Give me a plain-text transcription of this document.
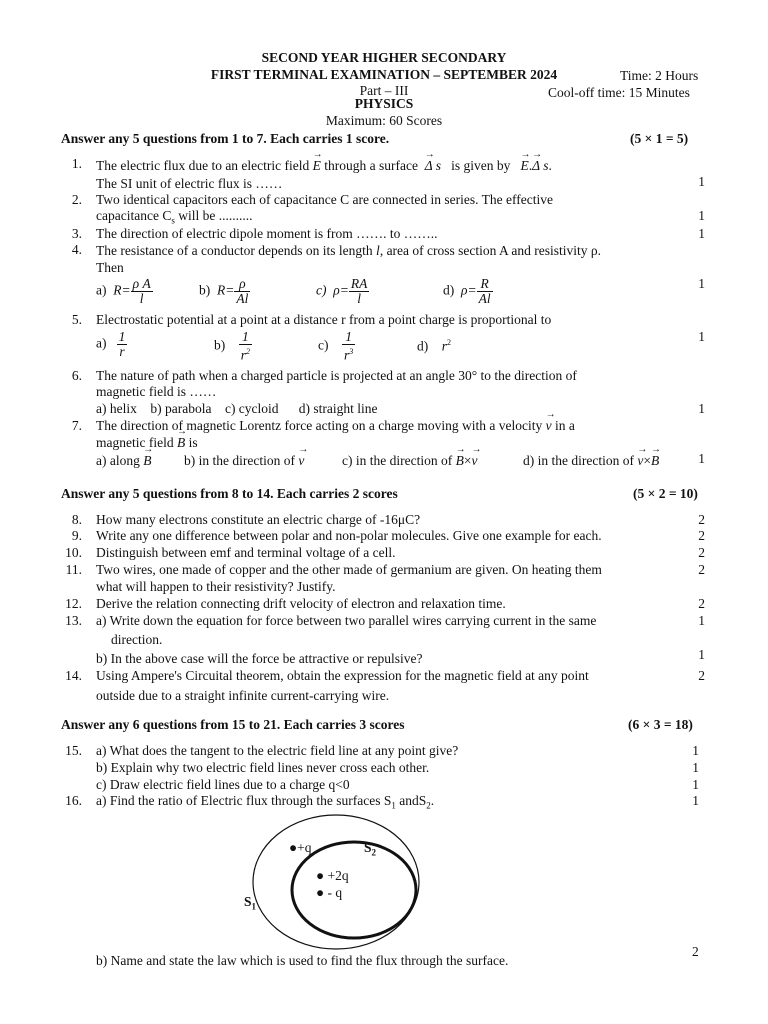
SECOND YEAR HIGHER SECONDARY
FIRST TERMINAL EXAMINATION – SEPTEMBER 2024
Part – III
PHYSICS
Maximum: 60 Scores
Time: 2 Hours
Cool-off time: 15 Minutes
Answer any 5 questions from 1 to 7. Each carries 1 score.	(5 × 1 = 5)
1. The electric flux due to an electric field → E through a surface → Δ s is given by → E.→ Δ s.
The SI unit of electric flux is ……	1
2. Two identical capacitors each of capacitance C are connected in series. The effective
capacitance $C_s$ will be ..........	1
3. The direction of electric dipole moment is from ……. to ……..	1
4. The resistance of a conductor depends on its length l, area of cross section A and resistivity ρ.
Then
1
a) $R= \frac{\text{ρ A}}{l}$	b) $R= \frac{\rho}{Al}$	c) $\rho= \frac{RA}{l}$	d) $\rho= \frac{R}{Al}$
5. Electrostatic potential at a point at a distance r from a point charge is proportional to
1
$a) \frac{1}{r}$	$b) \frac{1}{r^2}$	$c) \frac{1}{r^3}$	d) $r^2$
6. The nature of path when a charged particle is projected at an angle 30° to the direction of
magnetic field is ……
a) helix    b) parabola    c) cycloid      d) straight line	1
7. The direction of magnetic Lorentz force acting on a charge moving with a velocity → v in a
magnetic field → B is
a) along → B b) in the direction of → v	c) in the direction of → B×→ v	d) in the direction of → v×→ B	1
Answer any 5 questions from 8 to 14. Each carries 2 scores	(5 × 2 = 10)
8. How many electrons constitute an electric charge of -16μC?	2
9. Write any one difference between polar and non-polar molecules. Give one example for each.	2
10. Distinguish between emf and terminal voltage of a cell.	2
11. Two wires, one made of copper and the other made of germanium are given. On heating them
what will happen to their resistivity? Justify.
2
12. Derive the relation connecting drift velocity of electron and relaxation time.	2
13. a) Write down the equation for force between two parallel wires carrying current in the same
direction.
1
b) In the above case will the force be attractive or repulsive?	1
14. Using Ampere's Circuital theorem, obtain the expression for the magnetic field at any point
outside due to a straight infinite current-carrying wire.
2
Answer any 6 questions from 15 to 21. Each carries 3 scores	(6 × 3 = 18)
15. a) What does the tangent to the electric field line at any point give?	1
b) Explain why two electric field lines never cross each other.	1
c) Draw electric field lines due to a charge q<0	1
16. a) Find the ratio of Electric flux through the surfaces $S_1$ andS$_2$.	1
●+q	$S_2$
● +2q
● - q
$S_1$
b) Name and state the law which is used to find the flux through the surface.
2
